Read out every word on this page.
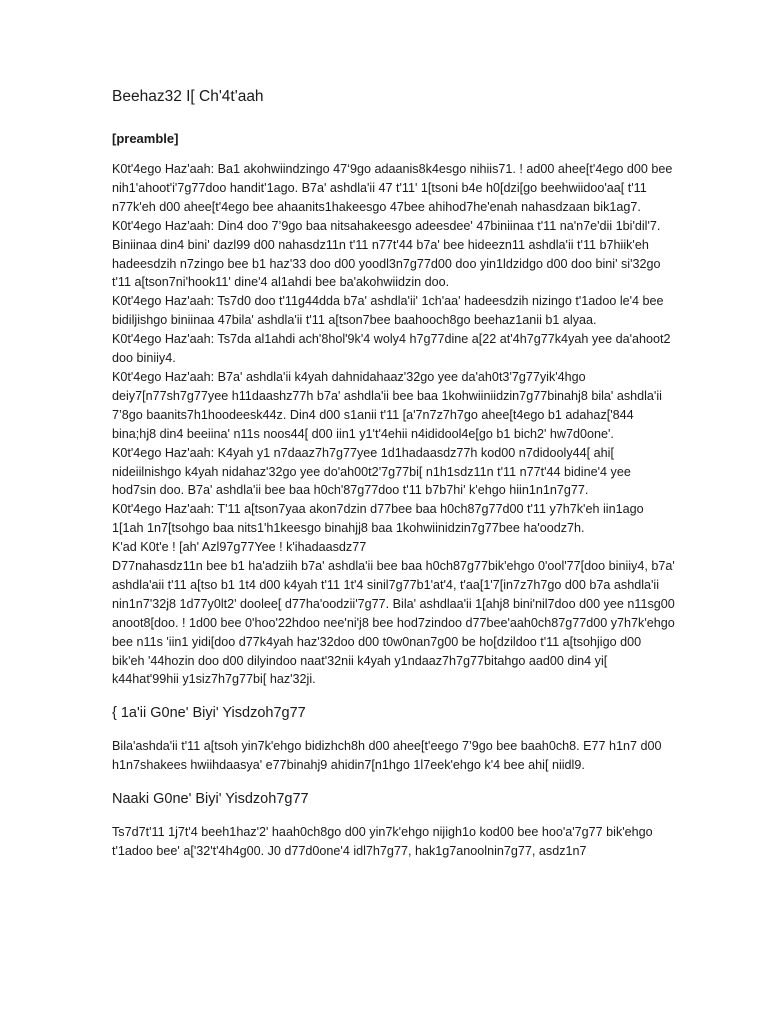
Beehaz32 I[ Ch'4t'aah
[preamble]

K0t'4ego Haz'aah: Ba1 akohwiindzingo 47‘9go adaanis8k4esgo nihiis71. ! ad00 ahee[t'4ego d00 bee nih1'ahoot'i'7g77doo handit'1ago. B7a' ashdla'ii 47 t'11' 1[tsoni b4e h0[dzi[go beehwiidoo'aa[ t'11 n77k'eh d00 ahee[t'4ego bee ahaanits1hakeesgo 47bee ahihod7he'enah nahasdzaan bik1ag7.

K0t'4ego Haz'aah: Din4 doo 7’9go baa nitsahakeesgo adeesdee' 47biniinaa t'11 na'n7e'dii 1bi'dil'7. Biniinaa din4 bini' dazl99 d00 nahasdz11n t'11 n77t'44 b7a' bee hideezn11 ashdla'ii t'11 b7hiik'eh hadeesdzih n7zingo bee b1 haz'33 doo d00 yoodl3n7g77d00 doo yin1ldzidgo d00 doo bini' si'32go t'11 a[tson7ni'hook11' dine'4 al1ahdi bee ba'akohwiidzin doo.

K0t'4ego Haz'aah: Ts7d0 doo t'11g44dda b7a' ashdla'ii' 1ch'aa' hadeesdzih nizingo t'1adoo le'4 bee bidiljishgo biniinaa 47bila' ashdla'ii t'11 a[tson7bee baahooch8go beehaz1anii b1 alyaa.

K0t'4ego Haz'aah: Ts7da al1ahdi ach'8hol'9k'4 woly4 h7g77dine a[22 at'4h7g77k4yah yee da'ahoot2 doo biniiy4.

K0t'4ego Haz'aah: B7a' ashdla'ii k4yah dahnidahaaz'32go yee da'ah0t3'7g77yik'4hgo deiy7[n77sh7g77yee h11daashz77h b7a' ashdla'ii bee baa 1kohwiiniidzin7g77binahj8 bila' ashdla'ii 7’8go baanits7h1hoodeesk44z. Din4 d00 s1anii t'11 [a'7n7z7h7go ahee[t4ego b1 adahaz['844 bina;hj8 din4 beeiina' n11s noos44[ d00 iin1 y1't'4ehii n4ididool4e[go b1 bich2' hw7d0one'.

K0t'4ego Haz'aah: K4yah y1 n7daaz7h7g77yee 1d1hadaasdz77h kod00 n7didooly44[ ahi[ nideiilnishgo k4yah nidahaz'32go yee do'ah00t2'7g77bi[ n1h1sdz11n t'11 n77t'44 bidine'4 yee hod7sin doo. B7a' ashdla'ii bee baa h0ch'87g77doo t'11 b7b7hi' k'ehgo hiin1n1n7g77.

K0t'4ego Haz'aah: T'11 a[tson7yaa akon7dzin d77bee baa h0ch87g77d00 t'11 y7h7k'eh iin1ago 1[1ah 1n7[tsohgo baa nits1'h1keesgo binahjj8 baa 1kohwiinidzin7g77bee ha'oodz7h.

K'ad K0t'e ! [ah' Azl97g77Yee ! k'ihadaasdz77

D77nahasdz11n bee b1 ha'adziih b7a' ashdla'ii bee baa h0ch87g77bik'ehgo 0'ool'77[doo biniiy4, b7a' ashdla'aii t'11 a[tso b1 1t4 d00 k4yah t'11 1t'4 sinil7g77b1'at'4, t'aa[1'7[in7z7h7go d00 b7a ashdla'ii nin1n7'32j8 1d77y0lt2' doolee[ d77ha'oodzii'7g77. Bila' ashdlaa'ii 1[ahj8 bini'nil7doo d00 yee n11sg00 anoot8[doo. ! 1d00 bee 0'hoo'22hdoo nee'ni'j8 bee hod7zindoo d77bee'aah0ch87g77d00 y7h7k'ehgo bee n11s 'iin1 yidi[doo d77k4yah haz'32doo d00 t0w0nan7g00 be ho[dzildoo t'11 a[tsohjigo d00 bik'eh '44hozin doo d00 dilyindoo naat'32nii k4yah y1ndaaz7h7g77bitahgo aad00 din4 yi[ k44hat'99hii y1siz7h7g77bi[ haz'32ji.

{ 1a'ii G0ne' Biyi' Yisdzoh7g77

Bila'ashda'ii t'11 a[tsoh yin7k'ehgo bidizhch8h d00 ahee[t'eego 7’9go bee baah0ch8. E77 h1n7 d00 h1n7shakees hwiihdaasya' e77binahj9 ahidin7[n1hgo 1l7eek'ehgo k'4 bee ahi[ niidl9.

Naaki G0ne' Biyi' Yisdzoh7g77

Ts7d7t'11 1j7t'4 beeh1haz'2' haah0ch8go d00 yin7k'ehgo nijigh1o kod00 bee hoo'a'7g77 bik'ehgo t'1adoo bee' a['32't'4h4g00. J0 d77d0one'4 idl7h7g77, hak1g7anoolnin7g77, asdz1n7
